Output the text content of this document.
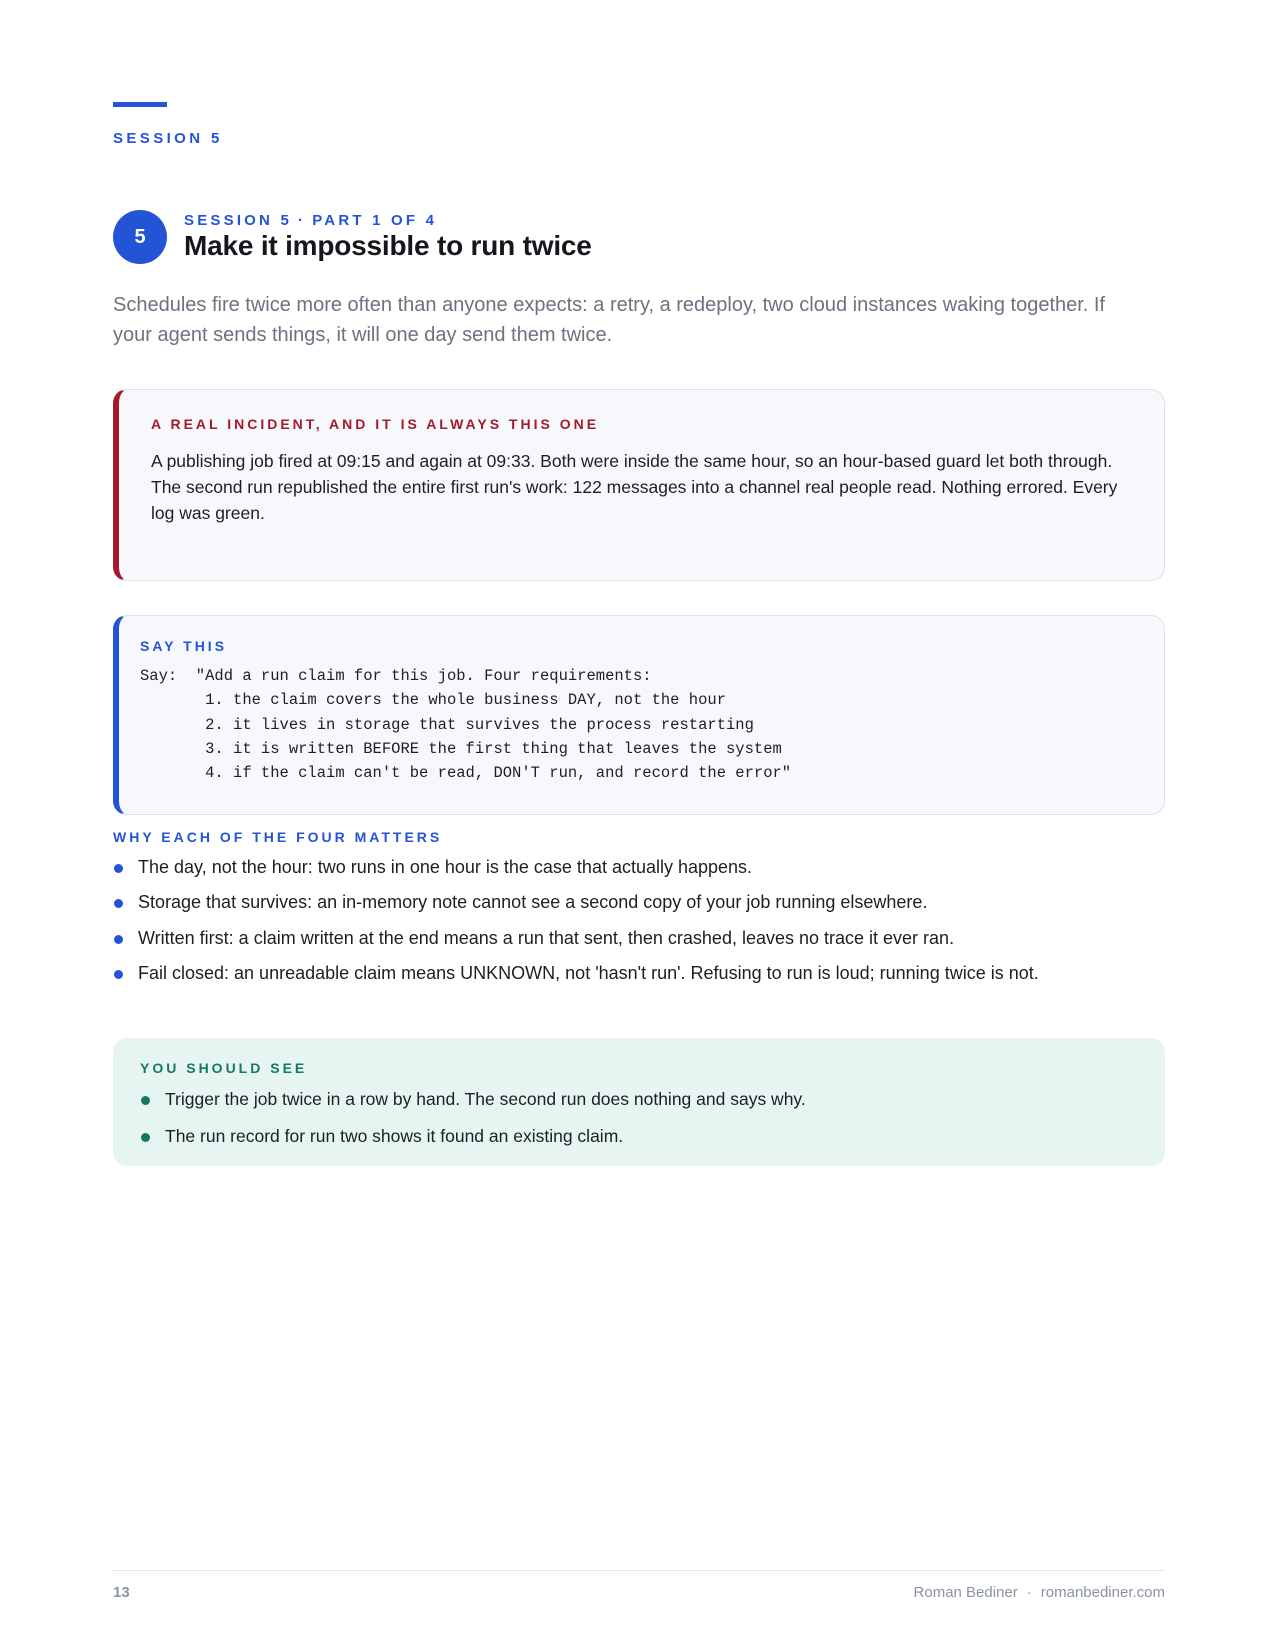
SESSION 5
5
SESSION 5 · PART 1 OF 4
Make it impossible to run twice

Schedules fire twice more often than anyone expects: a retry, a redeploy, two cloud instances waking together. If your agent sends things, it will one day send them twice.

A REAL INCIDENT, AND IT IS ALWAYS THIS ONE

A publishing job fired at 09:15 and again at 09:33. Both were inside the same hour, so an hour-based guard let both through. The second run republished the entire first run's work: 122 messages into a channel real people read. Nothing errored. Every log was green.

SAY THIS
Say:  "Add a run claim for this job. Four requirements:
1. the claim covers the whole business DAY, not the hour
2. it lives in storage that survives the process restarting
3. it is written BEFORE the first thing that leaves the system
4. if the claim can't be read, DON'T run, and record the error"
WHY EACH OF THE FOUR MATTERS
The day, not the hour: two runs in one hour is the case that actually happens.
Storage that survives: an in-memory note cannot see a second copy of your job running elsewhere.
Written first: a claim written at the end means a run that sent, then crashed, leaves no trace it ever ran.
Fail closed: an unreadable claim means UNKNOWN, not 'hasn't run'. Refusing to run is loud; running twice is not.
YOU SHOULD SEE
Trigger the job twice in a row by hand. The second run does nothing and says why.
The run record for run two shows it found an existing claim.
13	Roman Bediner · romanbediner.com
